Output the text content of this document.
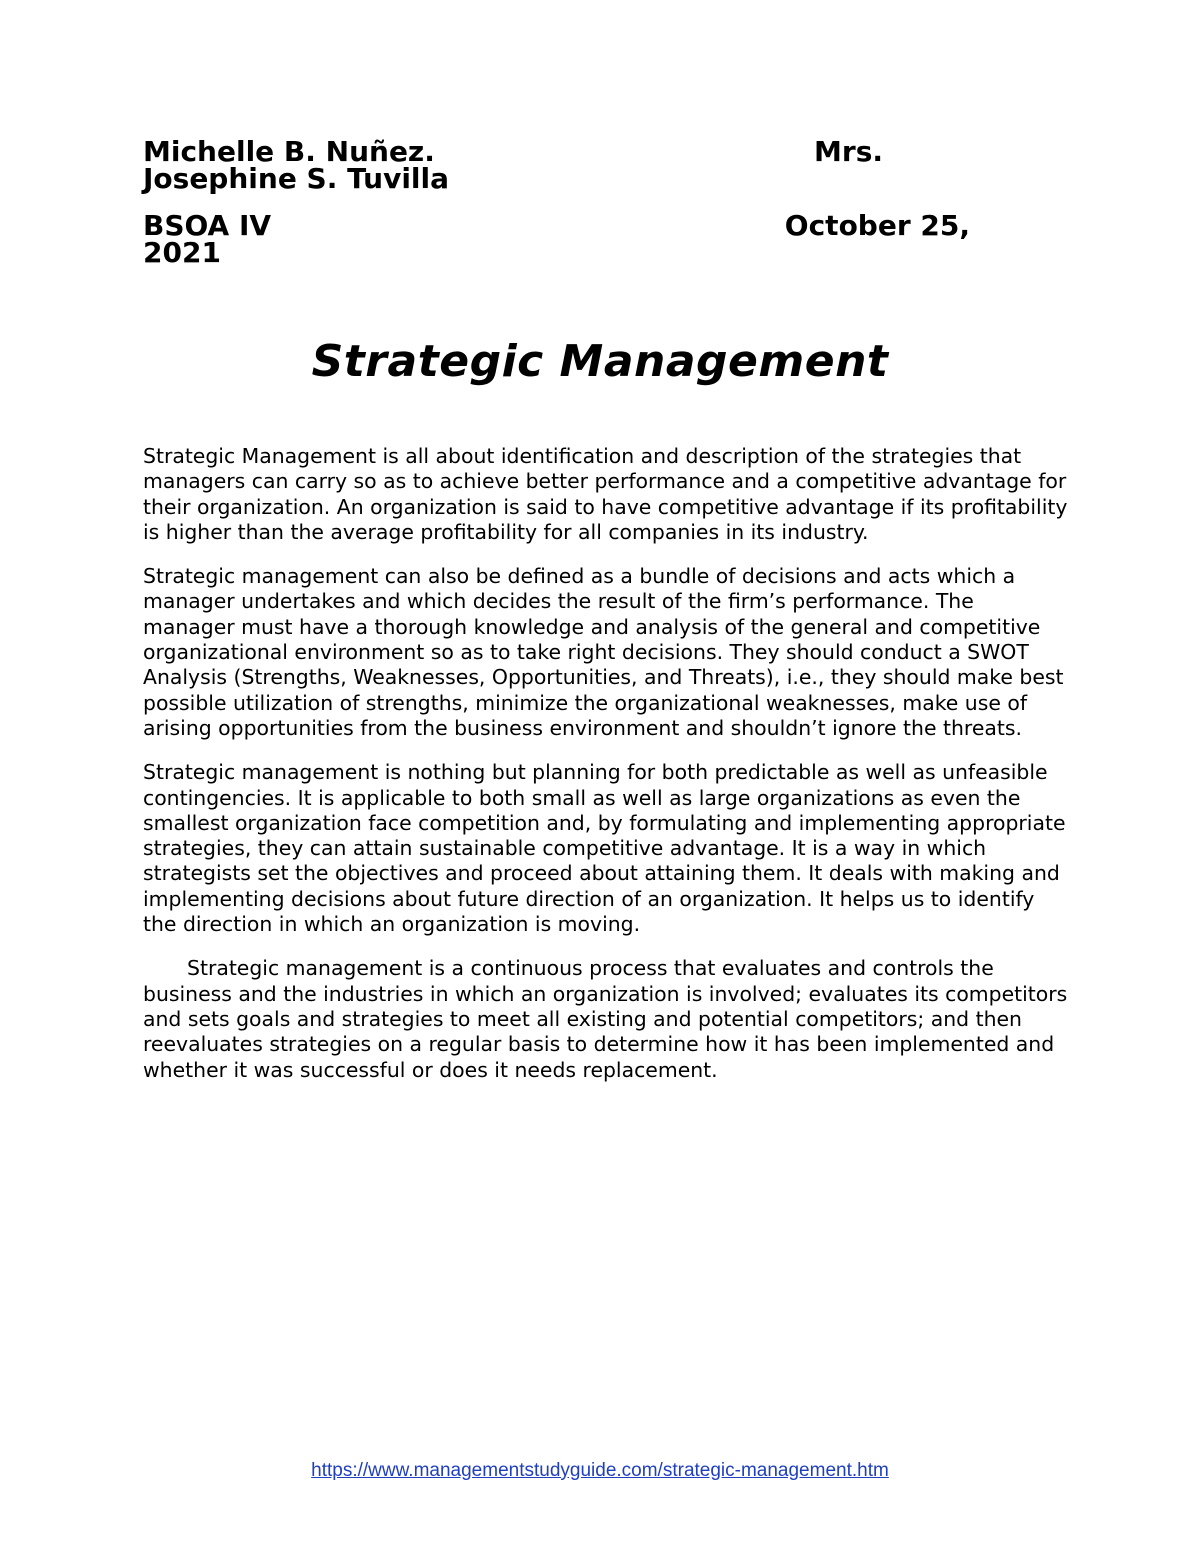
Michelle B. Nuñez.	Mrs.
Josephine S. Tuvilla
BSOA IV	October 25,
2021
Strategic Management

Strategic Management is all about identification and description of the strategies that managers can carry so as to achieve better performance and a competitive advantage for their organization. An organization is said to have competitive advantage if its profitability is higher than the average profitability for all companies in its industry.

Strategic management can also be defined as a bundle of decisions and acts which a manager undertakes and which decides the result of the firm’s performance. The manager must have a thorough knowledge and analysis of the general and competitive organizational environment so as to take right decisions. They should conduct a SWOT Analysis (Strengths, Weaknesses, Opportunities, and Threats), i.e., they should make best possible utilization of strengths, minimize the organizational weaknesses, make use of arising opportunities from the business environment and shouldn’t ignore the threats.

Strategic management is nothing but planning for both predictable as well as unfeasible contingencies. It is applicable to both small as well as large organizations as even the smallest organization face competition and, by formulating and implementing appropriate strategies, they can attain sustainable competitive advantage. It is a way in which strategists set the objectives and proceed about attaining them. It deals with making and implementing decisions about future direction of an organization. It helps us to identify the direction in which an organization is moving.

Strategic management is a continuous process that evaluates and controls the business and the industries in which an organization is involved; evaluates its competitors and sets goals and strategies to meet all existing and potential competitors; and then reevaluates strategies on a regular basis to determine how it has been implemented and whether it was successful or does it needs replacement.

https://www.managementstudyguide.com/strategic-management.htm
